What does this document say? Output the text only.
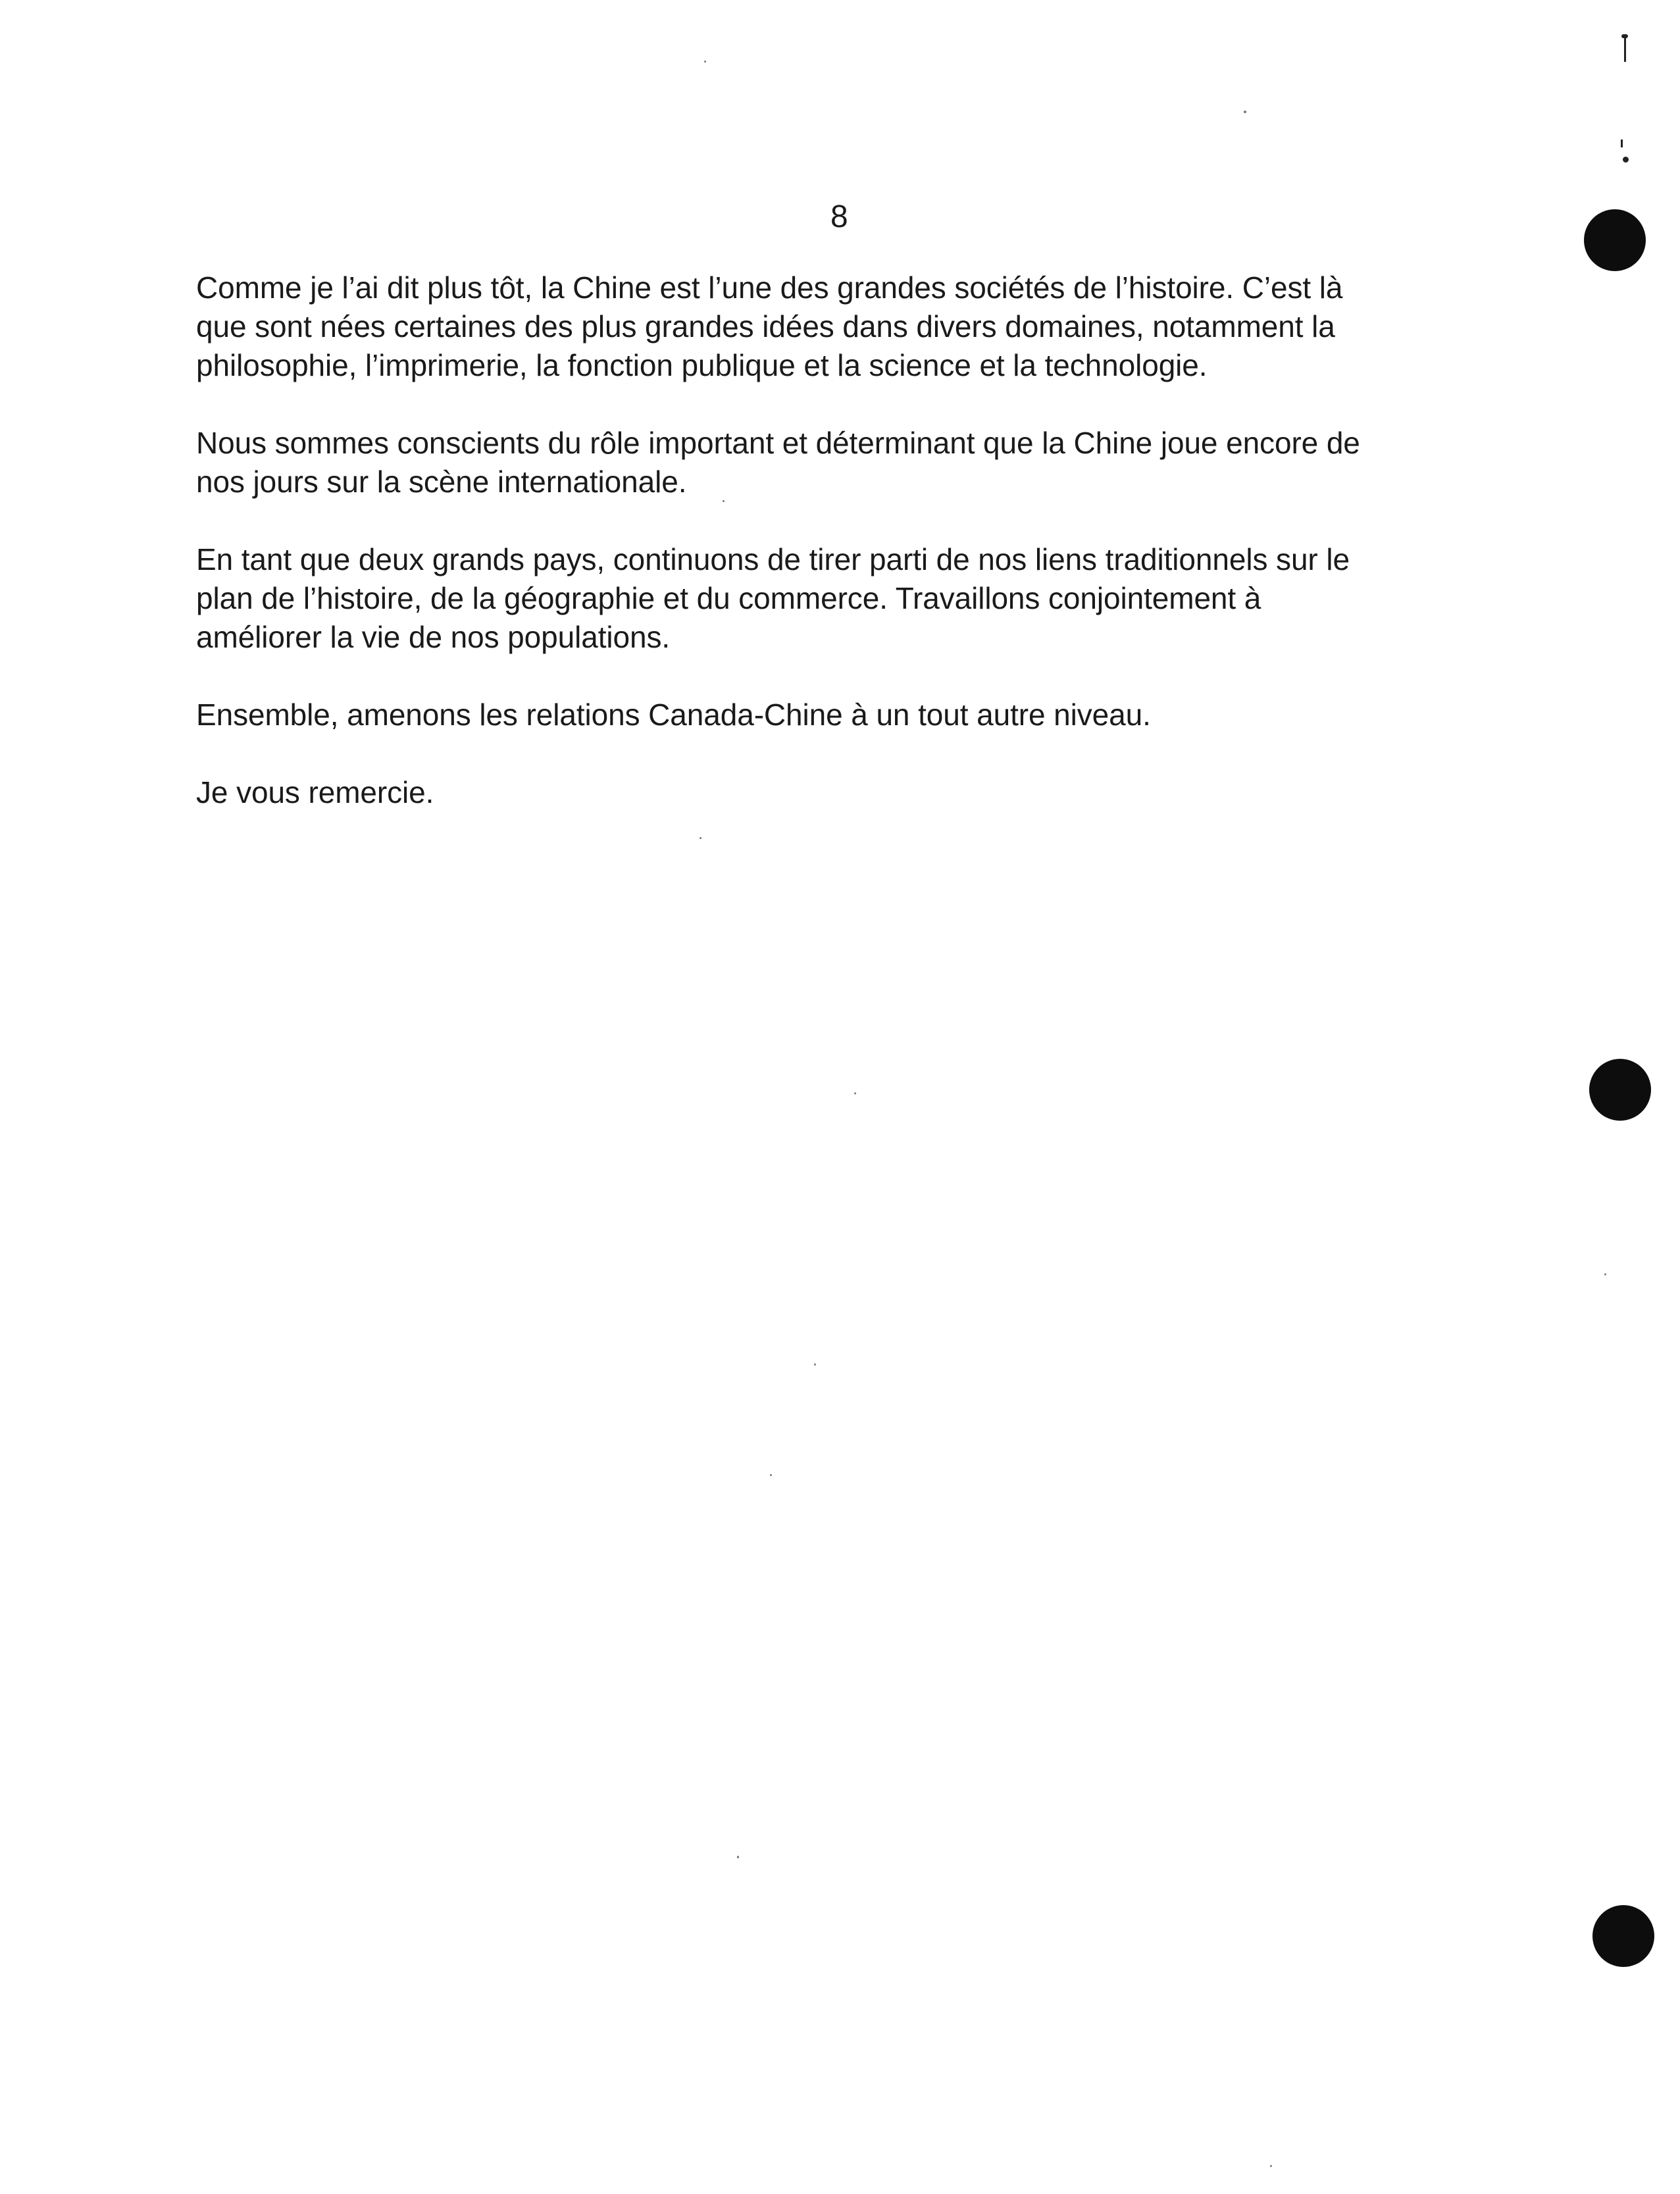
8

Comme je l’ai dit plus tôt, la Chine est l’une des grandes sociétés de l’histoire. C’est là
que sont nées certaines des plus grandes idées dans divers domaines, notamment la
philosophie, l’imprimerie, la fonction publique et la science et la technologie.

Nous sommes conscients du rôle important et déterminant que la Chine joue encore de
nos jours sur la scène internationale.

En tant que deux grands pays, continuons de tirer parti de nos liens traditionnels sur le
plan de l’histoire, de la géographie et du commerce. Travaillons conjointement à
améliorer la vie de nos populations.

Ensemble, amenons les relations Canada-Chine à un tout autre niveau.

Je vous remercie.
